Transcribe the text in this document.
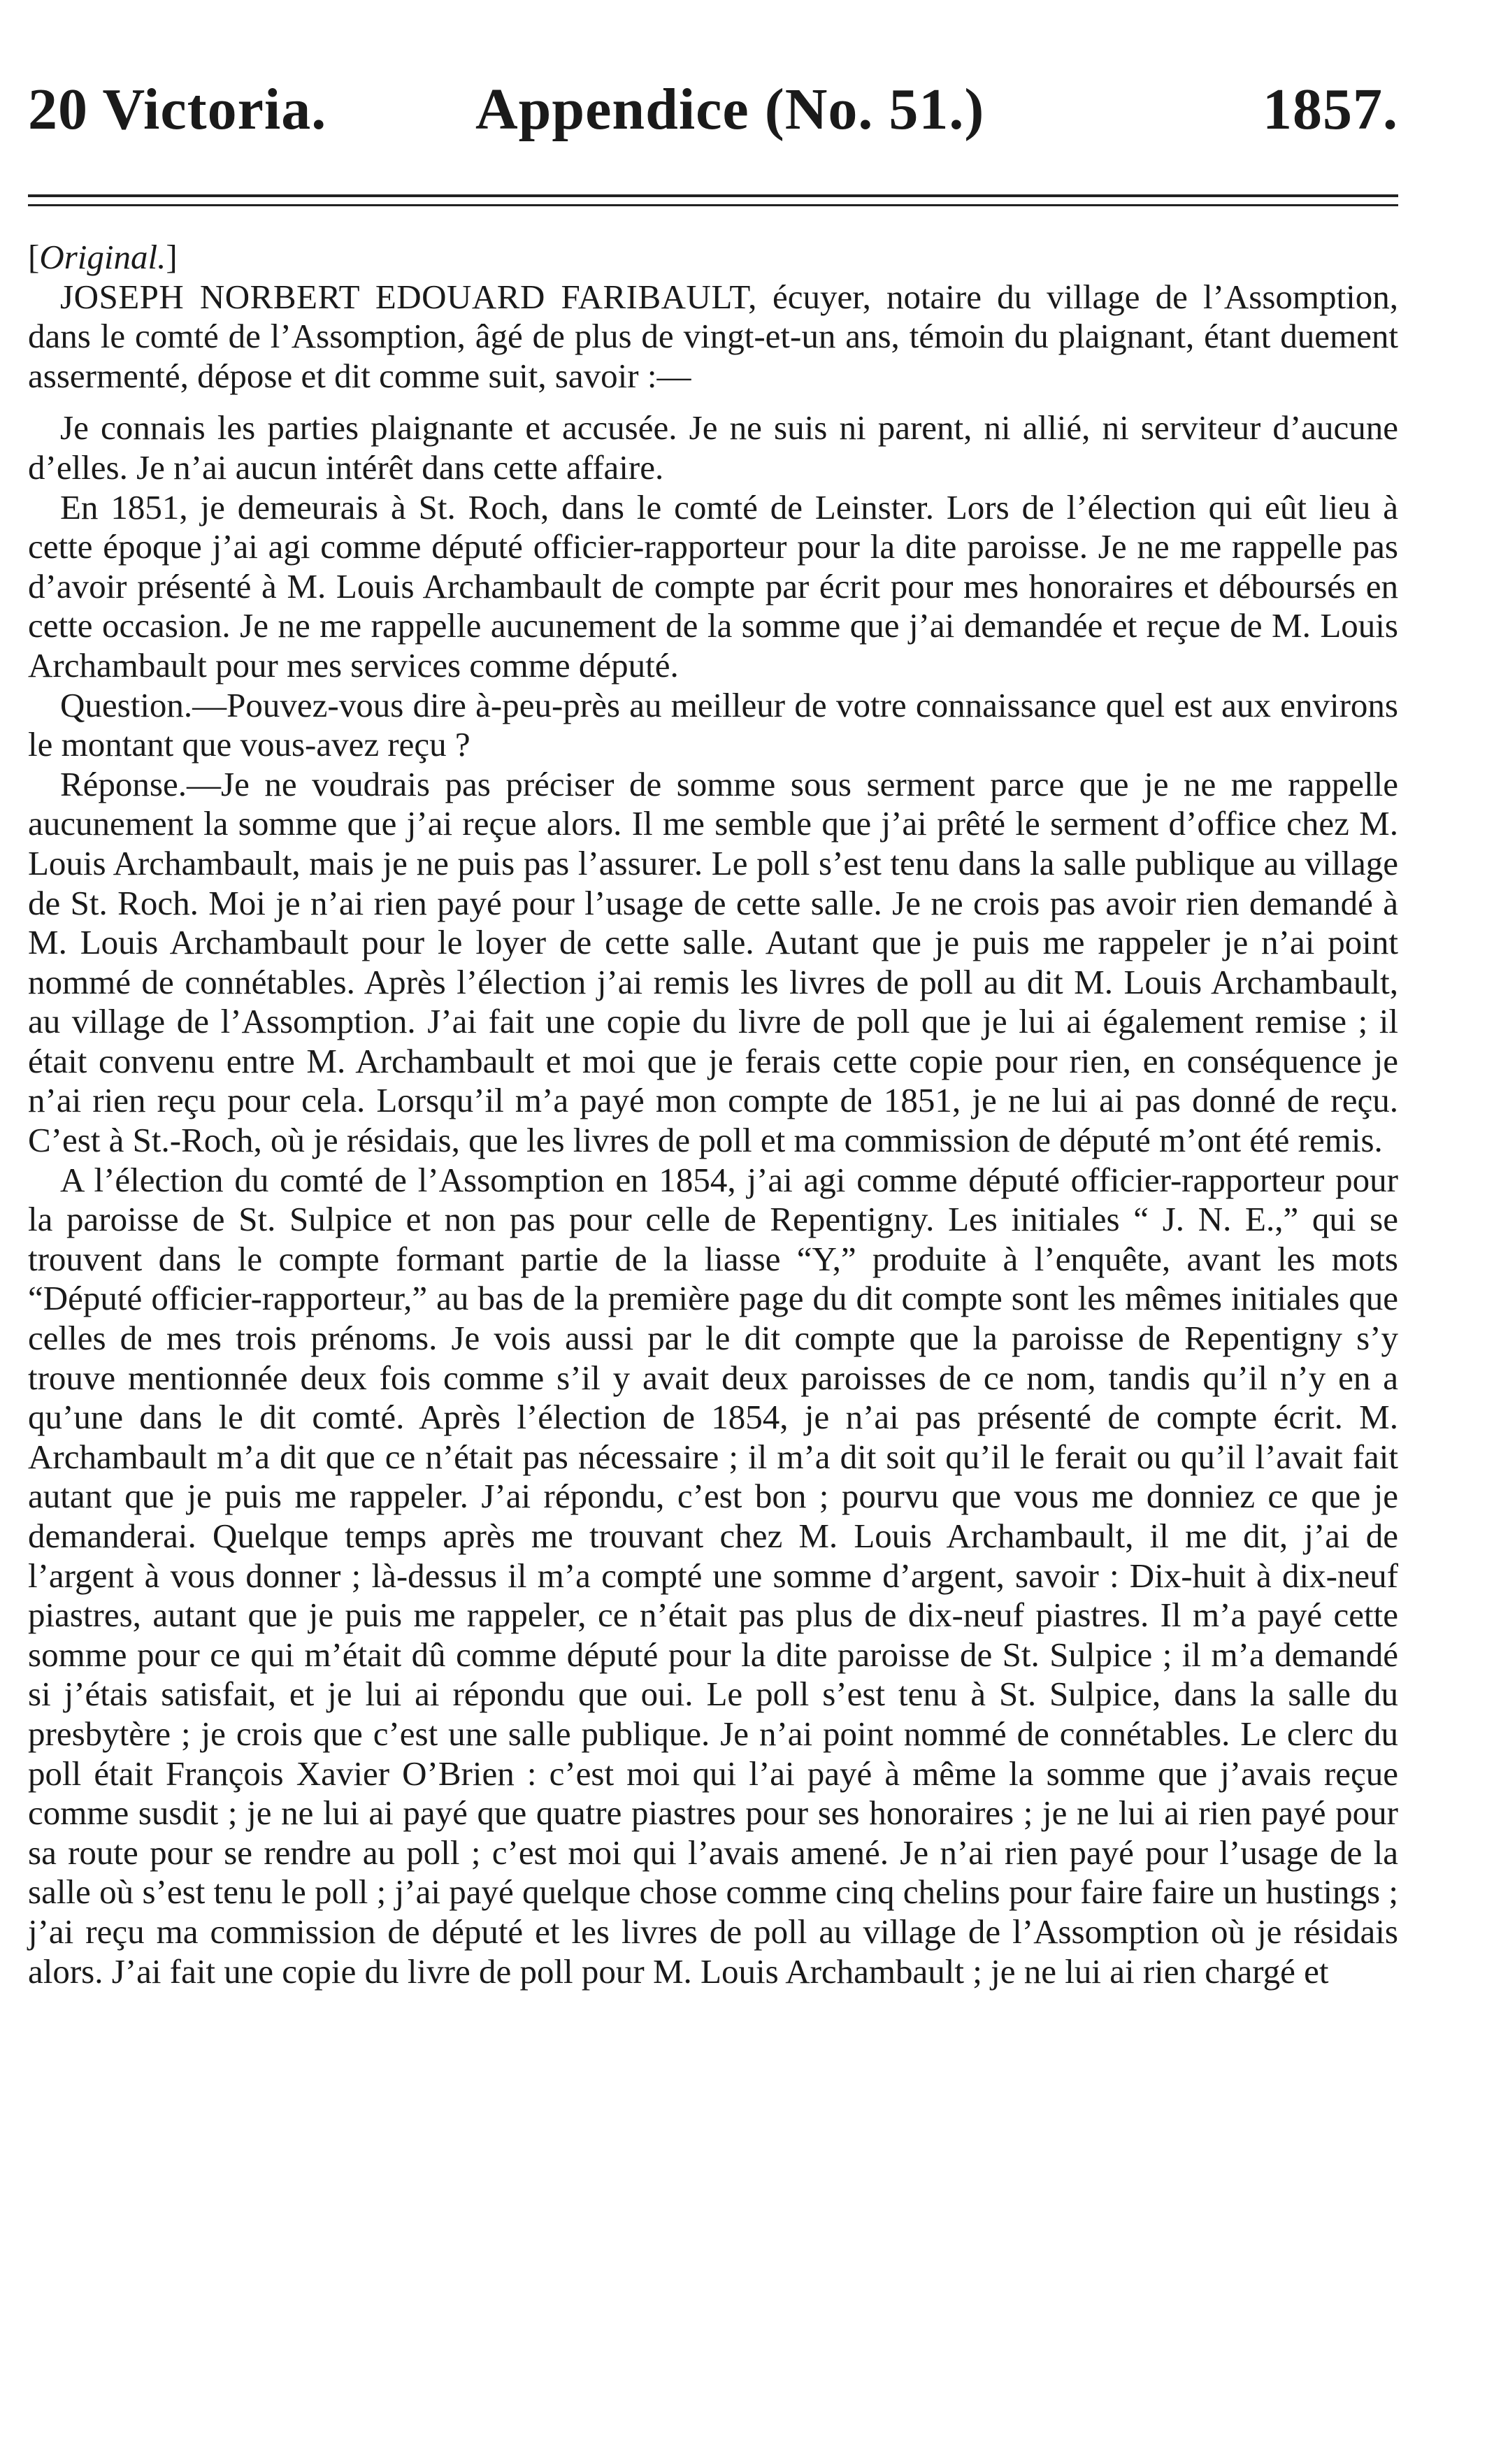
20 Victoria.	Appendice (No. 51.)	1857.

[Original.]

JOSEPH NORBERT EDOUARD FARIBAULT, écuyer, notaire du village de l’Assomption, dans le comté de l’Assomption, âgé de plus de vingt-et-un ans, témoin du plaignant, étant duement assermenté, dépose et dit comme suit, savoir :—

Je connais les parties plaignante et accusée. Je ne suis ni parent, ni allié, ni serviteur d’aucune d’elles. Je n’ai aucun intérêt dans cette affaire.

En 1851, je demeurais à St. Roch, dans le comté de Leinster. Lors de l’élection qui eût lieu à cette époque j’ai agi comme député officier-rapporteur pour la dite paroisse. Je ne me rappelle pas d’avoir présenté à M. Louis Archambault de compte par écrit pour mes honoraires et déboursés en cette occasion. Je ne me rappelle aucunement de la somme que j’ai demandée et reçue de M. Louis Archambault pour mes services comme député.

Question.—Pouvez-vous dire à-peu-près au meilleur de votre connaissance quel est aux environs le montant que vous-avez reçu ?

Réponse.—Je ne voudrais pas préciser de somme sous serment parce que je ne me rappelle aucunement la somme que j’ai reçue alors. Il me semble que j’ai prêté le serment d’office chez M. Louis Archambault, mais je ne puis pas l’assurer. Le poll s’est tenu dans la salle publique au village de St. Roch. Moi je n’ai rien payé pour l’usage de cette salle. Je ne crois pas avoir rien demandé à M. Louis Archambault pour le loyer de cette salle. Autant que je puis me rappeler je n’ai point nommé de connétables. Après l’élection j’ai remis les livres de poll au dit M. Louis Archambault, au village de l’Assomption. J’ai fait une copie du livre de poll que je lui ai également remise ; il était convenu entre M. Archambault et moi que je ferais cette copie pour rien, en conséquence je n’ai rien reçu pour cela. Lorsqu’il m’a payé mon compte de 1851, je ne lui ai pas donné de reçu. C’est à St.-Roch, où je résidais, que les livres de poll et ma commission de député m’ont été remis.

A l’élection du comté de l’Assomption en 1854, j’ai agi comme député officier-rapporteur pour la paroisse de St. Sulpice et non pas pour celle de Repentigny. Les initiales “ J. N. E.,” qui se trouvent dans le compte formant partie de la liasse “Y,” produite à l’enquête, avant les mots “Député officier-rapporteur,” au bas de la première page du dit compte sont les mêmes initiales que celles de mes trois prénoms. Je vois aussi par le dit compte que la paroisse de Repentigny s’y trouve mentionnée deux fois comme s’il y avait deux paroisses de ce nom, tandis qu’il n’y en a qu’une dans le dit comté. Après l’élection de 1854, je n’ai pas présenté de compte écrit. M. Archambault m’a dit que ce n’était pas nécessaire ; il m’a dit soit qu’il le ferait ou qu’il l’avait fait autant que je puis me rappeler. J’ai répondu, c’est bon ; pourvu que vous me donniez ce que je demanderai. Quelque temps après me trouvant chez M. Louis Archambault, il me dit, j’ai de l’argent à vous donner ; là-dessus il m’a compté une somme d’argent, savoir : Dix-huit à dix-neuf piastres, autant que je puis me rappeler, ce n’était pas plus de dix-neuf piastres. Il m’a payé cette somme pour ce qui m’était dû comme député pour la dite paroisse de St. Sulpice ; il m’a demandé si j’étais satisfait, et je lui ai répondu que oui. Le poll s’est tenu à St. Sulpice, dans la salle du presbytère ; je crois que c’est une salle publique. Je n’ai point nommé de connétables. Le clerc du poll était François Xavier O’Brien : c’est moi qui l’ai payé à même la somme que j’avais reçue comme susdit ; je ne lui ai payé que quatre piastres pour ses honoraires ; je ne lui ai rien payé pour sa route pour se rendre au poll ; c’est moi qui l’avais amené. Je n’ai rien payé pour l’usage de la salle où s’est tenu le poll ; j’ai payé quelque chose comme cinq chelins pour faire faire un hustings ; j’ai reçu ma commission de député et les livres de poll au village de l’Assomption où je résidais alors. J’ai fait une copie du livre de poll pour M. Louis Archambault ; je ne lui ai rien chargé et
